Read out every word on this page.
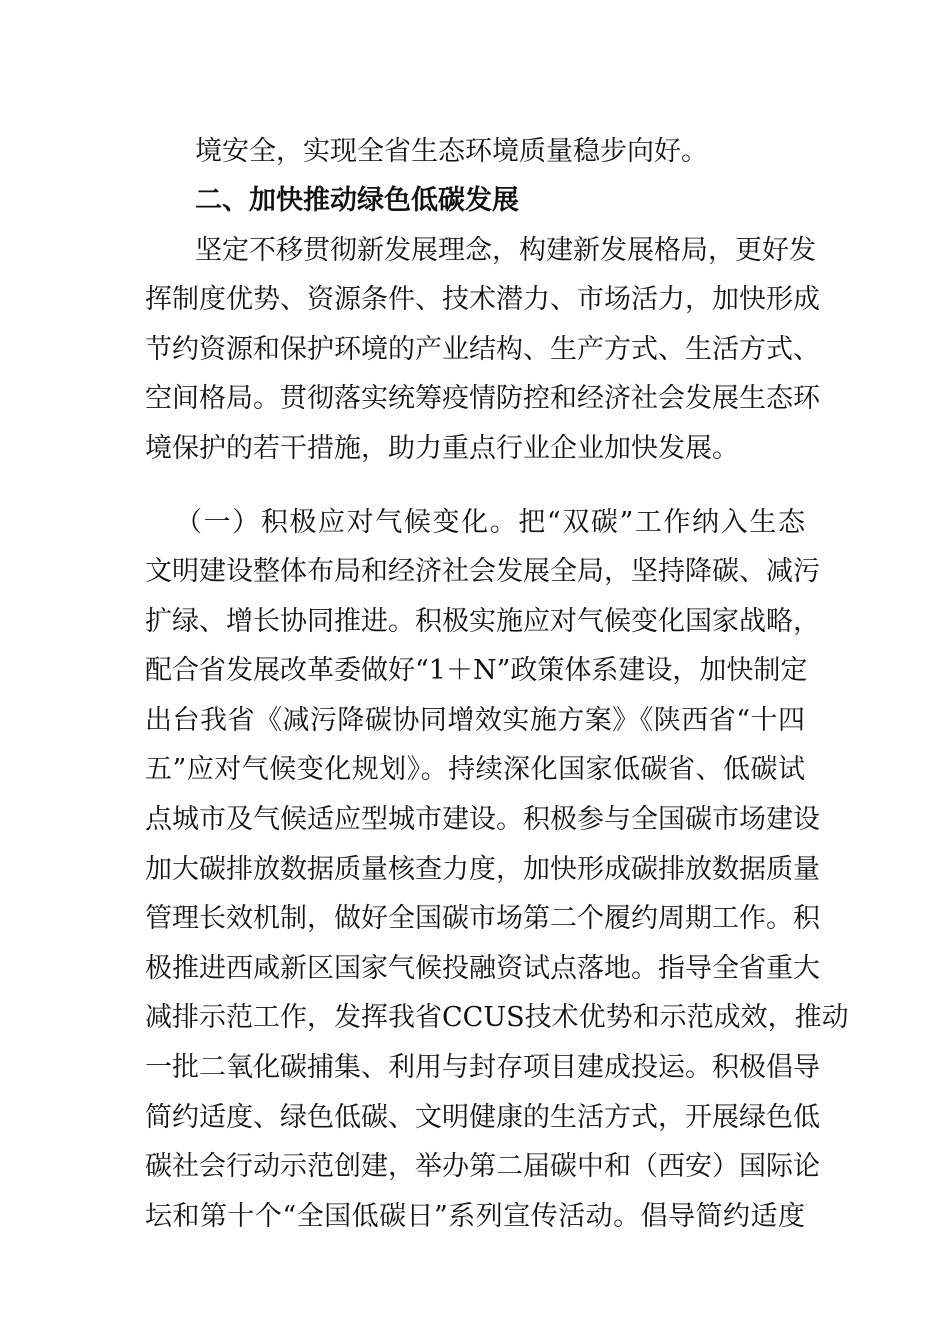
境安全，实现全省生态环境质量稳步向好。
二、加快推动绿色低碳发展
坚定不移贯彻新发展理念，构建新发展格局，更好发
挥制度优势、资源条件、技术潜力、市场活力，加快形成
节约资源和保护环境的产业结构、生产方式、生活方式、
空间格局。贯彻落实统筹疫情防控和经济社会发展生态环
境保护的若干措施，助力重点行业企业加快发展。
（一）积极应对气候变化。把“双碳”工作纳入生态
文明建设整体布局和经济社会发展全局，坚持降碳、减污
扩绿、增长协同推进。积极实施应对气候变化国家战略，
配合省发展改革委做好“1＋N”政策体系建设，加快制定
出台我省《减污降碳协同增效实施方案》《陕西省“十四
五”应对气候变化规划》。持续深化国家低碳省、低碳试
点城市及气候适应型城市建设。积极参与全国碳市场建设
加大碳排放数据质量核查力度，加快形成碳排放数据质量
管理长效机制，做好全国碳市场第二个履约周期工作。积
极推进西咸新区国家气候投融资试点落地。指导全省重大
减排示范工作，发挥我省CCUS技术优势和示范成效，推动
一批二氧化碳捕集、利用与封存项目建成投运。积极倡导
简约适度、绿色低碳、文明健康的生活方式，开展绿色低
碳社会行动示范创建，举办第二届碳中和（西安）国际论
坛和第十个“全国低碳日”系列宣传活动。倡导简约适度
